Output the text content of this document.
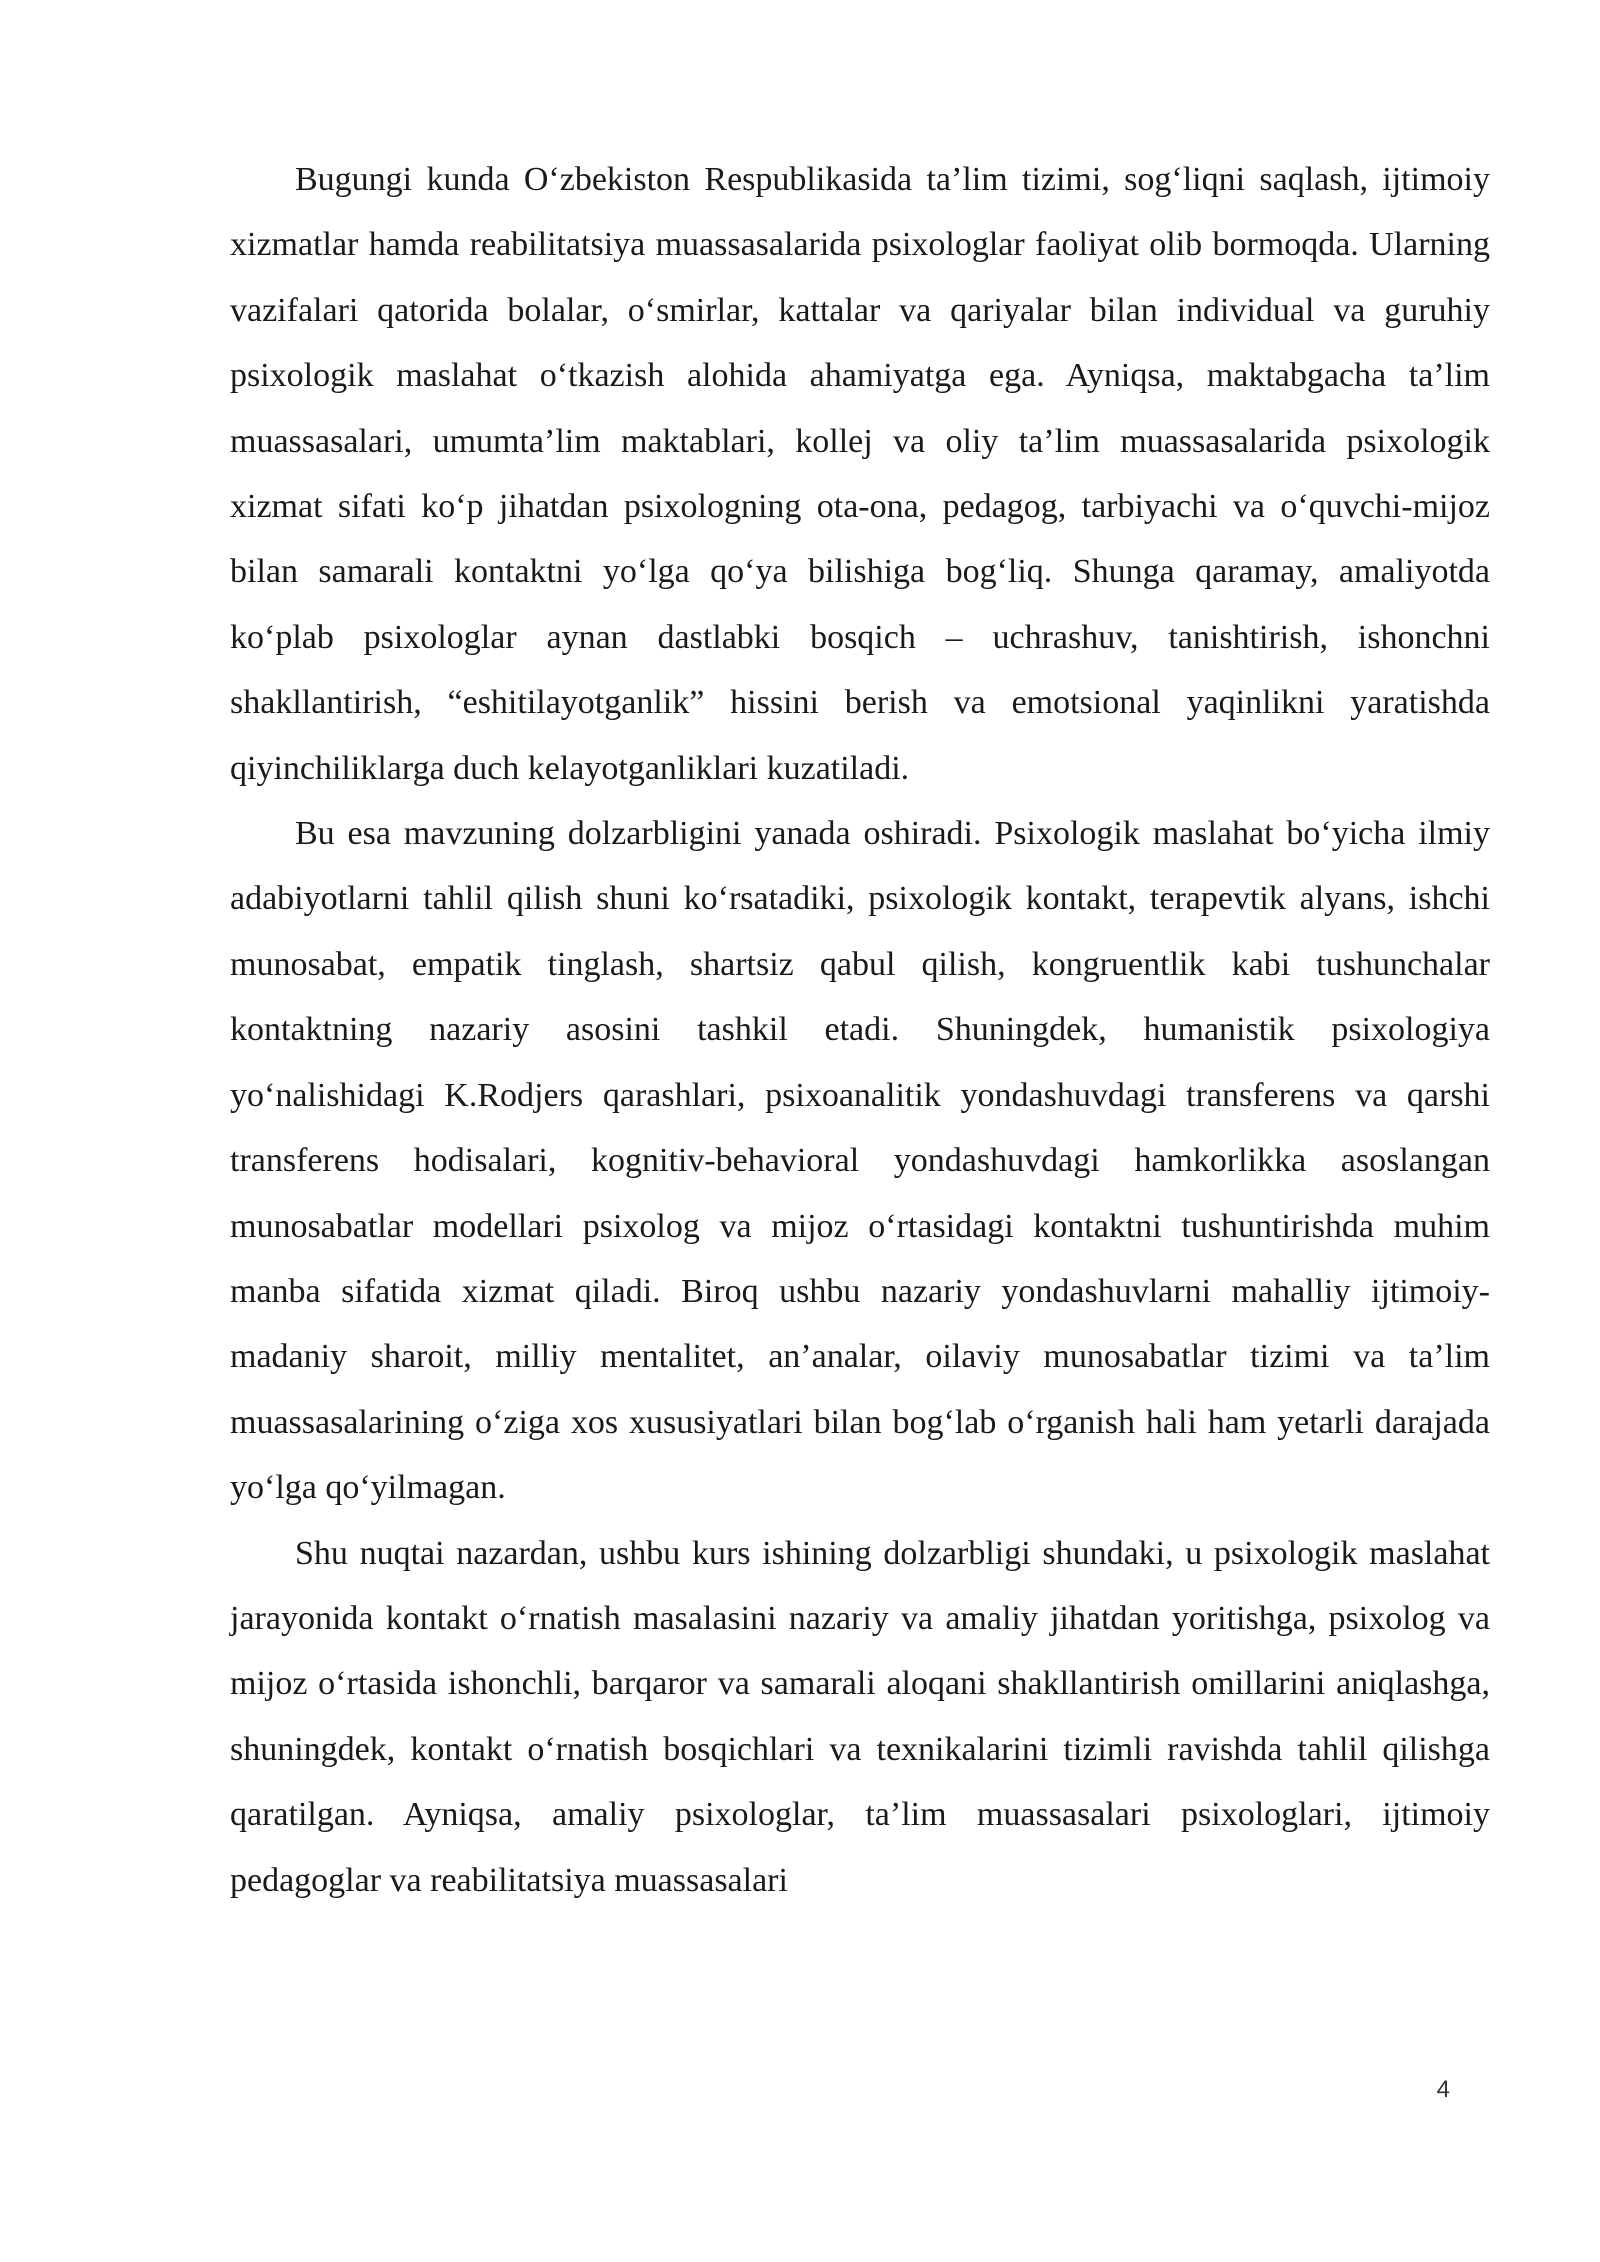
Bugungi kunda O‘zbekiston Respublikasida ta’lim tizimi, sog‘liqni saqlash, ijtimoiy xizmatlar hamda reabilitatsiya muassasalarida psixologlar faoliyat olib bormoqda. Ularning vazifalari qatorida bolalar, o‘smirlar, kattalar va qariyalar bilan individual va guruhiy psixologik maslahat o‘tkazish alohida ahamiyatga ega. Ayniqsa, maktabgacha ta’lim muassasalari, umumta’lim maktablari, kollej va oliy ta’lim muassasalarida psixologik xizmat sifati ko‘p jihatdan psixologning ota-ona, pedagog, tarbiyachi va o‘quvchi-mijoz bilan samarali kontaktni yo‘lga qo‘ya bilishiga bog‘liq. Shunga qaramay, amaliyotda ko‘plab psixologlar aynan dastlabki bosqich – uchrashuv, tanishtirish, ishonchni shakllantirish, “eshitilayotganlik” hissini berish va emotsional yaqinlikni yaratishda qiyinchiliklarga duch kelayotganliklari kuzatiladi.

Bu esa mavzuning dolzarbligini yanada oshiradi. Psixologik maslahat bo‘yicha ilmiy adabiyotlarni tahlil qilish shuni ko‘rsatadiki, psixologik kontakt, terapevtik alyans, ishchi munosabat, empatik tinglash, shartsiz qabul qilish, kongruentlik kabi tushunchalar kontaktning nazariy asosini tashkil etadi. Shuningdek, humanistik psixologiya yo‘nalishidagi K.Rodjers qarashlari, psixoanalitik yondashuvdagi transferens va qarshi transferens hodisalari, kognitiv-behavioral yondashuvdagi hamkorlikka asoslangan munosabatlar modellari psixolog va mijoz o‘rtasidagi kontaktni tushuntirishda muhim manba sifatida xizmat qiladi. Biroq ushbu nazariy yondashuvlarni mahalliy ijtimoiy-madaniy sharoit, milliy mentalitet, an’analar, oilaviy munosabatlar tizimi va ta’lim muassasalarining o‘ziga xos xususiyatlari bilan bog‘lab o‘rganish hali ham yetarli darajada yo‘lga qo‘yilmagan.

Shu nuqtai nazardan, ushbu kurs ishining dolzarbligi shundaki, u psixologik maslahat jarayonida kontakt o‘rnatish masalasini nazariy va amaliy jihatdan yoritishga, psixolog va mijoz o‘rtasida ishonchli, barqaror va samarali aloqani shakllantirish omillarini aniqlashga, shuningdek, kontakt o‘rnatish bosqichlari va texnikalarini tizimli ravishda tahlil qilishga qaratilgan. Ayniqsa, amaliy psixologlar, ta’lim muassasalari psixologlari, ijtimoiy pedagoglar va reabilitatsiya muassasalari

4
